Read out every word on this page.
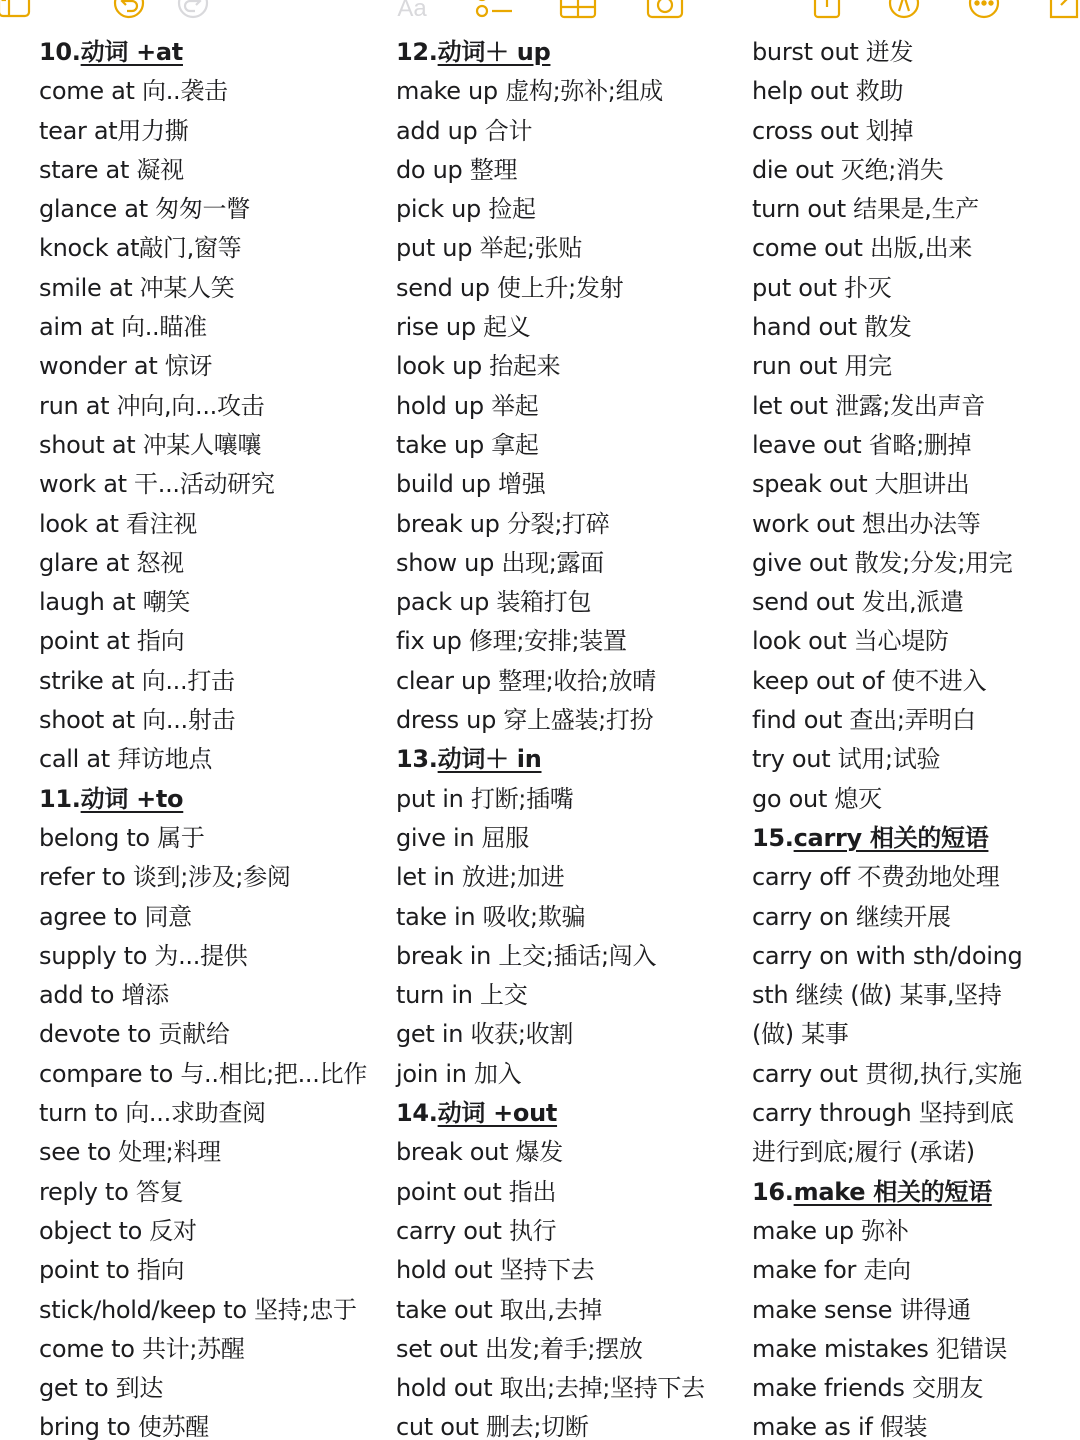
Aa
10.动词 +at
come at 向..袭击
tear at用力撕
stare at 凝视
glance at 匆匆一瞥
knock at敲门,窗等
smile at 冲某人笑
aim at 向..瞄准
wonder at 惊讶
run at 冲向,向...攻击
shout at 冲某人嚷嚷
work at 干...活动研究
look at 看注视
glare at 怒视
laugh at 嘲笑
point at 指向
strike at 向...打击
shoot at 向...射击
call at 拜访地点
11.动词 +to
belong to 属于
refer to 谈到;涉及;参阅
agree to 同意
supply to 为...提供
add to 增添
devote to 贡献给
compare to 与..相比;把...比作
turn to 向...求助查阅
see to 处理;料理
reply to 答复
object to 反对
point to 指向
stick/hold/keep to 坚持;忠于
come to 共计;苏醒
get to 到达
bring to 使苏醒
12.动词＋ up
make up 虚构;弥补;组成
add up 合计
do up 整理
pick up 捡起
put up 举起;张贴
send up 使上升;发射
rise up 起义
look up 抬起来
hold up 举起
take up 拿起
build up 增强
break up 分裂;打碎
show up 出现;露面
pack up 装箱打包
fix up 修理;安排;装置
clear up 整理;收拾;放晴
dress up 穿上盛装;打扮
13.动词＋ in
put in 打断;插嘴
give in 屈服
let in 放进;加进
take in 吸收;欺骗
break in 上交;插话;闯入
turn in 上交
get in 收获;收割
join in 加入
14.动词 +out
break out 爆发
point out 指出
carry out 执行
hold out 坚持下去
take out 取出,去掉
set out 出发;着手;摆放
hold out 取出;去掉;坚持下去
cut out 删去;切断
burst out 迸发
help out 救助
cross out 划掉
die out 灭绝;消失
turn out 结果是,生产
come out 出版,出来
put out 扑灭
hand out 散发
run out 用完
let out 泄露;发出声音
leave out 省略;删掉
speak out 大胆讲出
work out 想出办法等
give out 散发;分发;用完
send out 发出,派遣
look out 当心堤防
keep out of 使不进入
find out 查出;弄明白
try out 试用;试验
go out 熄灭
15.carry 相关的短语
carry off 不费劲地处理
carry on 继续开展
carry on with sth/doing
sth 继续 (做) 某事,坚持
(做) 某事
carry out 贯彻,执行,实施
carry through 坚持到底
进行到底;履行 (承诺)
16.make 相关的短语
make up 弥补
make for 走向
make sense 讲得通
make mistakes 犯错误
make friends 交朋友
make as if 假装
